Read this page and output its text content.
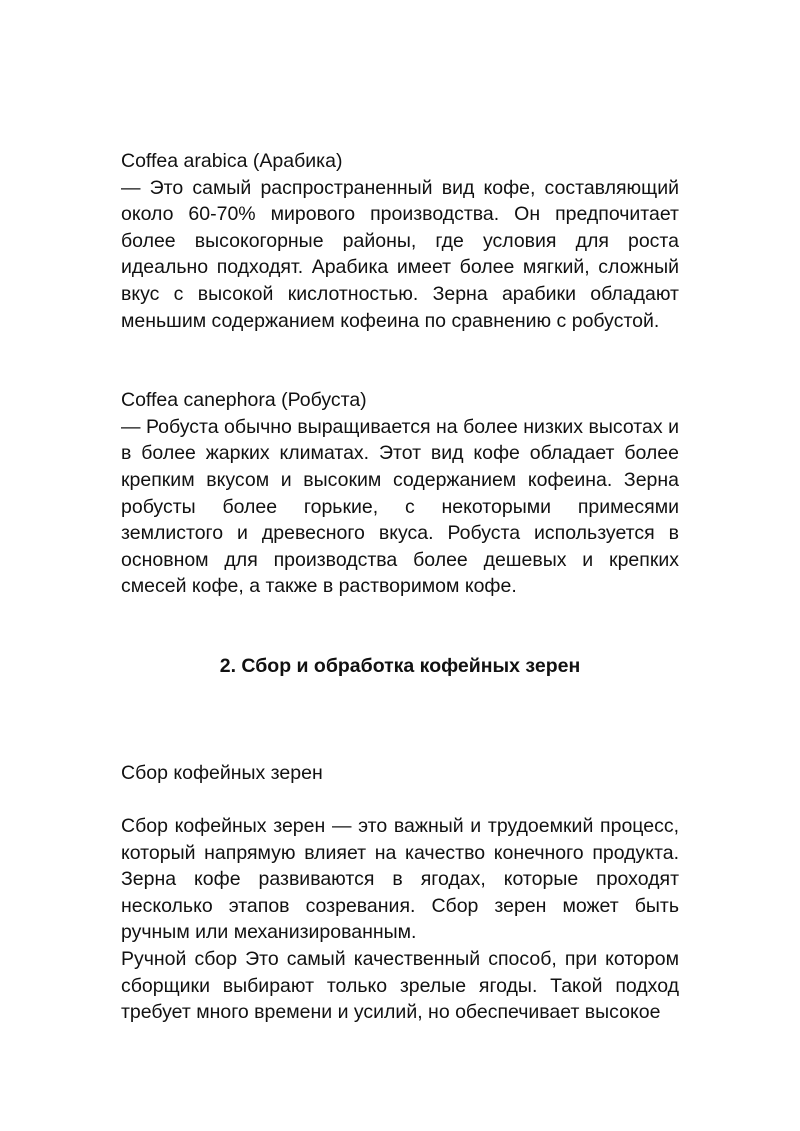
Coffea arabica (Арабика)

— Это самый распространенный вид кофе, составляющий около 60-70% мирового производства. Он предпочитает более высокогорные районы, где условия для роста идеально подходят. Арабика имеет более мягкий, сложный вкус с высокой кислотностью. Зерна арабики обладают меньшим содержанием кофеина по сравнению с робустой.

Coffea canephora (Робуста)

— Робуста обычно выращивается на более низких высотах и в более жарких климатах. Этот вид кофе обладает более крепким вкусом и высоким содержанием кофеина. Зерна робусты более горькие, с некоторыми примесями землистого и древесного вкуса. Робуста используется в основном для производства более дешевых и крепких смесей кофе, а также в растворимом кофе.

2. Сбор и обработка кофейных зерен

Сбор кофейных зерен

Сбор кофейных зерен — это важный и трудоемкий процесс, который напрямую влияет на качество конечного продукта. Зерна кофе развиваются в ягодах, которые проходят несколько этапов созревания. Сбор зерен может быть ручным или механизированным.

Ручной сбор Это самый качественный способ, при котором сборщики выбирают только зрелые ягоды. Такой подход требует много времени и усилий, но обеспечивает высокое
